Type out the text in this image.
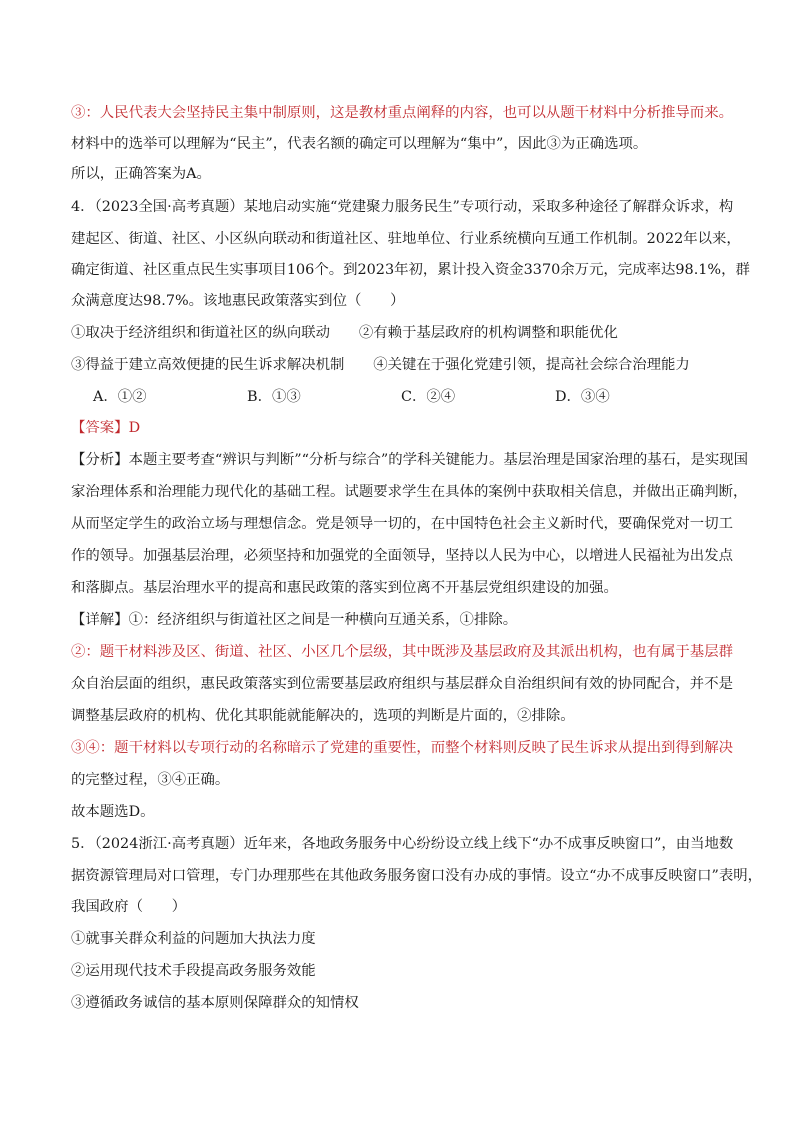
③：人民代表大会坚持民主集中制原则，这是教材重点阐释的内容，也可以从题干材料中分析推导而来。
材料中的选举可以理解为“民主”，代表名额的确定可以理解为“集中”，因此③为正确选项。
所以，正确答案为A。
4．（2023全国·高考真题）某地启动实施“党建聚力服务民生”专项行动，采取多种途径了解群众诉求，构
建起区、街道、社区、小区纵向联动和街道社区、驻地单位、行业系统横向互通工作机制。2022年以来，
确定街道、社区重点民生实事项目106个。到2023年初，累计投入资金3370余万元，完成率达98.1%，群
众满意度达98.7%。该地惠民政策落实到位（　　）
①取决于经济组织和街道社区的纵向联动　　②有赖于基层政府的机构调整和职能优化
③得益于建立高效便捷的民生诉求解决机制　　④关键在于强化党建引领，提高社会综合治理能力
A．①②	B．①③	C．②④	D．③④
【答案】D
【分析】本题主要考查“辨识与判断”“分析与综合”的学科关键能力。基层治理是国家治理的基石，是实现国
家治理体系和治理能力现代化的基础工程。试题要求学生在具体的案例中获取相关信息，并做出正确判断，
从而坚定学生的政治立场与理想信念。党是领导一切的，在中国特色社会主义新时代，要确保党对一切工
作的领导。加强基层治理，必须坚持和加强党的全面领导，坚持以人民为中心，以增进人民福祉为出发点
和落脚点。基层治理水平的提高和惠民政策的落实到位离不开基层党组织建设的加强。
【详解】①：经济组织与街道社区之间是一种横向互通关系，①排除。
②：题干材料涉及区、街道、社区、小区几个层级，其中既涉及基层政府及其派出机构，也有属于基层群
众自治层面的组织，惠民政策落实到位需要基层政府组织与基层群众自治组织间有效的协同配合，并不是
调整基层政府的机构、优化其职能就能解决的，选项的判断是片面的，②排除。
③④：题干材料以专项行动的名称暗示了党建的重要性，而整个材料则反映了民生诉求从提出到得到解决
的完整过程，③④正确。
故本题选D。
5．（2024浙江·高考真题）近年来，各地政务服务中心纷纷设立线上线下“办不成事反映窗口”，由当地数
据资源管理局对口管理，专门办理那些在其他政务服务窗口没有办成的事情。设立“办不成事反映窗口”表明，
我国政府（　　）
①就事关群众利益的问题加大执法力度
②运用现代技术手段提高政务服务效能
③遵循政务诚信的基本原则保障群众的知情权
